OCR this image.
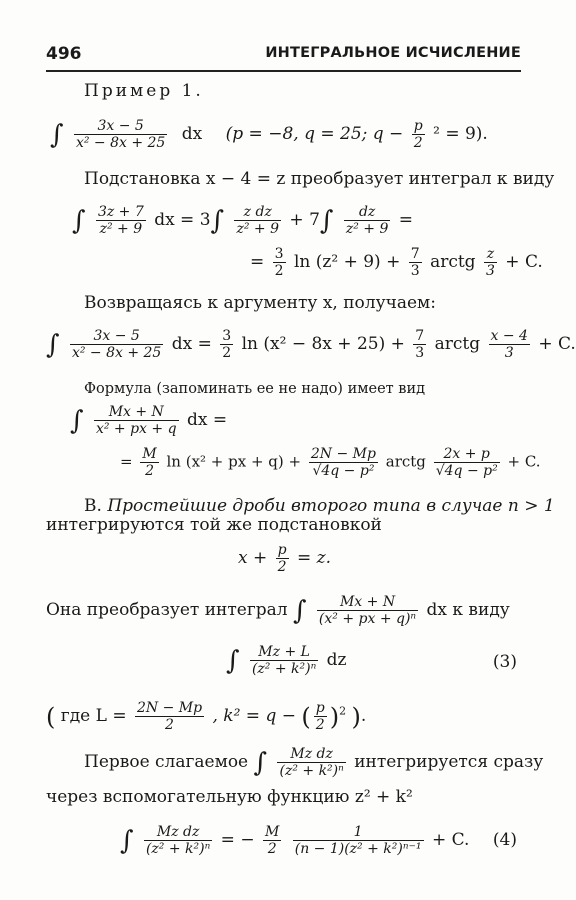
496	ИНТЕГРАЛЬНОЕ ИСЧИСЛЕНИЕ
Пример 1.
∫ $\frac{3x - 5}{\text{x² − 8x + 25}}$ dx (p = −8, q = 25; $q - \frac{p}{2} ^2 = 9$).
Подстановка x − 4 = z преобразует интеграл к виду
∫ $\frac{3z + 7}{\text{z² + 9}}$ dx = $3\int \frac{\text{z dz}}{\text{z² + 9}} + 7\int \frac{dz}{\text{z² + 9}}$ =
= $\frac{3}{2}$ $\ln (z^2 + 9) + \frac{7}{3}$ arctg $\frac{z}{3} + C$.
Возвращаясь к аргументу x, получаем:
∫ $\frac{3x - 5}{\text{x² − 8x + 25}}$ dx = $\frac{3}{2}$ $\ln (x^2 - 8x + 25) + \frac{7}{3}$ arctg $\frac{x - 4}{3} + C$.
Формула (запоминать ее не надо) имеет вид
∫ $\frac{Mx + N}{\text{x² + px + q}}$ dx =
= $\frac{M}{2}$ ln (x² + px + $q) + \frac{2N - Mp}{\text{√4q − p²}}$ arctg $\frac{2x + p}{\text{√4q − p²}} + C$.
В. Простейшие дроби второго типа в случае n > 1
интегрируются той же подстановкой
$x + \frac{p}{2} = z$.
Она преобразует интеграл ∫ $\frac{Mx + N}{\text{(x² + px + q)ⁿ}}$ dx к виду
∫ $\frac{Mz + L}{\text{(z² + k²)ⁿ}}$ dz	(3)
( где $L = \frac{2N - Mp}{2}$ , k² = q − ( $\frac{p}{2} )^2$ ).
Первое слагаемое ∫ $\frac{\text{Mz dz}}{\text{(z² + k²)ⁿ}}$ интегрируется сразу
через вспомогательную функцию z² + k²
∫ $\frac{\text{Mz dz}}{\text{(z² + k²)ⁿ}}$ = − $\frac{M}{2}$
$\frac{1}{\text{(n − 1)(z² + k²)ⁿ⁻¹}} + C$. (4)
